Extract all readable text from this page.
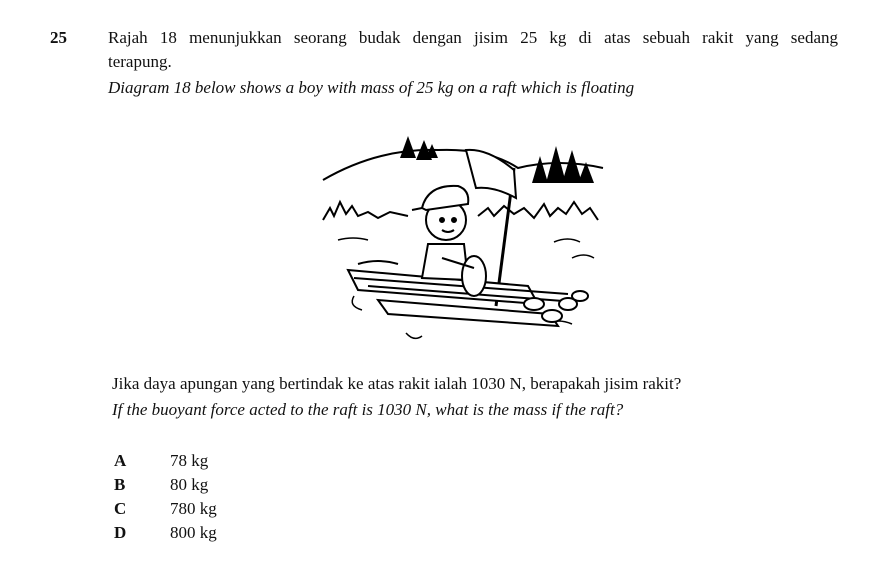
25 Rajah 18 menunjukkan seorang budak dengan jisim 25 kg di atas sebuah rakit yang sedang
terapung.
Diagram 18 below shows a boy with mass of 25 kg on a raft which is floating
Jika daya apungan yang bertindak ke atas rakit ialah 1030 N, berapakah jisim rakit?
If the buoyant force acted to the raft is 1030 N, what is the mass if the raft?
A	78 kg
B	80 kg
C	780 kg
D	800 kg
